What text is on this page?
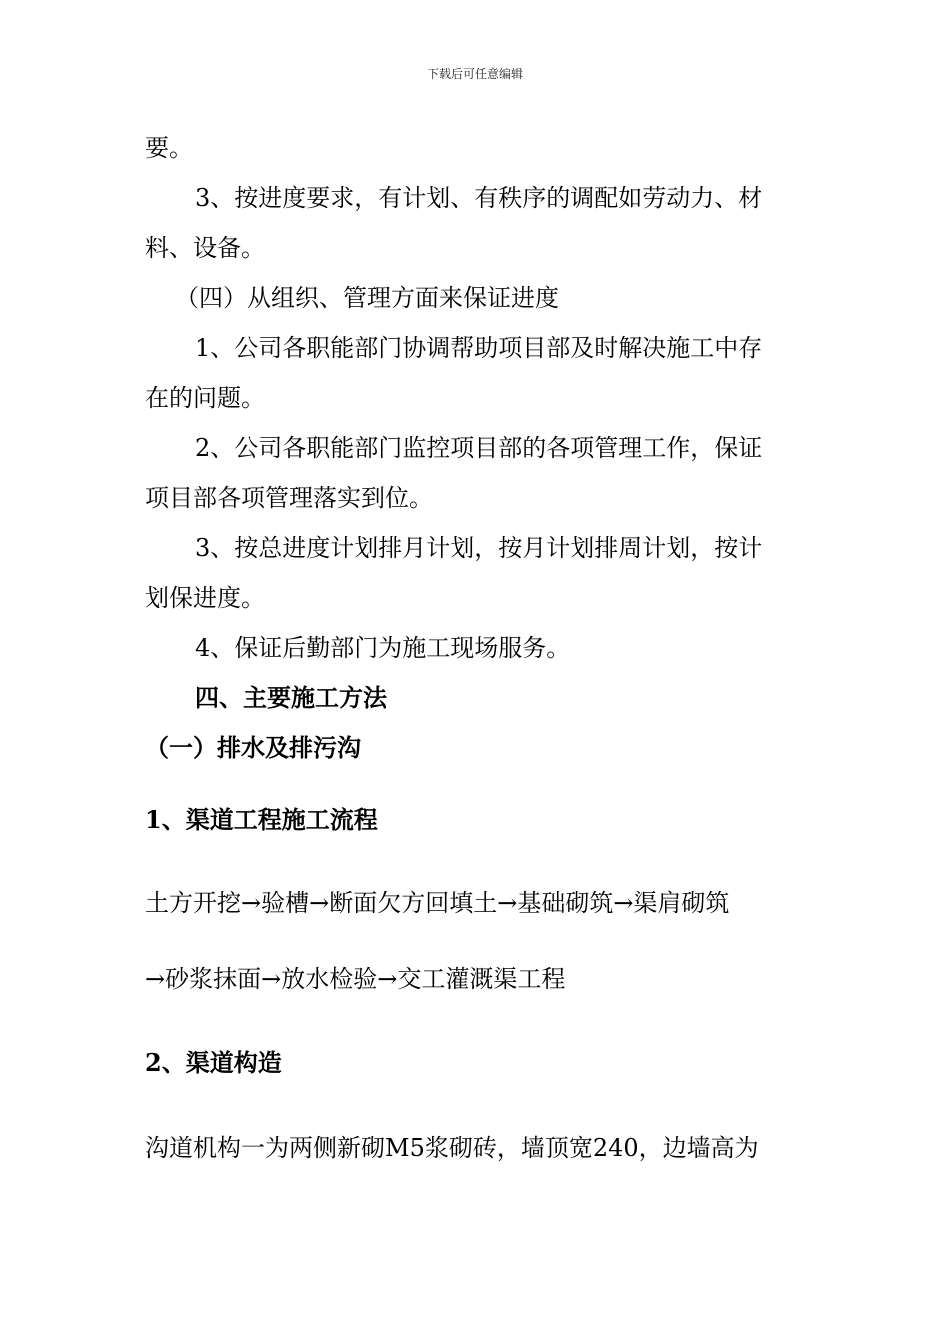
下载后可任意编辑
要。
3、按进度要求，有计划、有秩序的调配如劳动力、材
料、设备。
（四）从组织、管理方面来保证进度
1、公司各职能部门协调帮助项目部及时解决施工中存
在的问题。
2、公司各职能部门监控项目部的各项管理工作，保证
项目部各项管理落实到位。
3、按总进度计划排月计划，按月计划排周计划，按计
划保进度。
4、保证后勤部门为施工现场服务。
四、主要施工方法
（一）排水及排污沟
1、渠道工程施工流程
土方开挖→验槽→断面欠方回填土→基础砌筑→渠肩砌筑
→砂浆抹面→放水检验→交工灌溉渠工程
2、渠道构造
沟道机构一为两侧新砌M5浆砌砖，墙顶宽240，边墙高为
